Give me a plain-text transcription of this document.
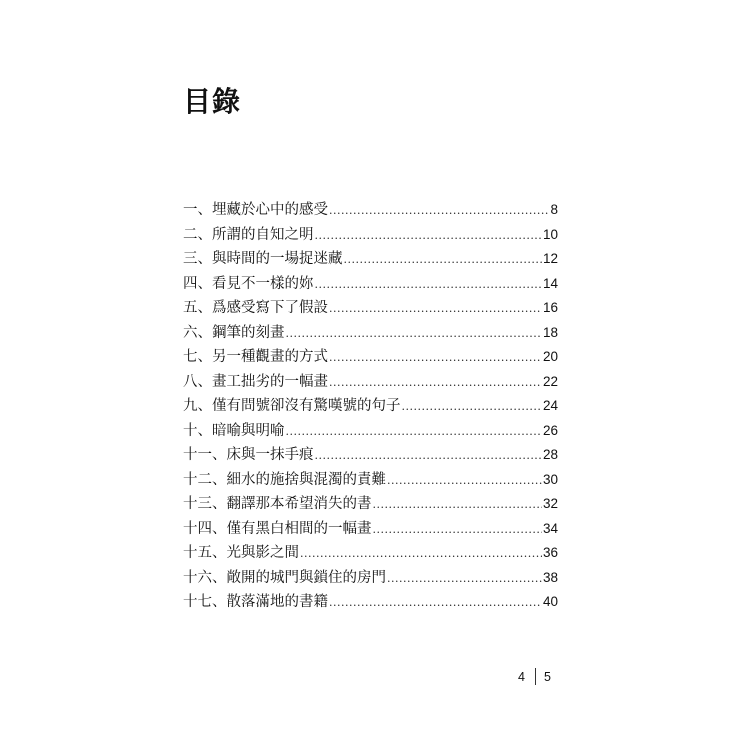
目錄
一、埋藏於心中的感受 .....	8
二、所謂的自知之明 .....	10
三、與時間的一場捉迷藏 .....	12
四、看見不一樣的妳 .....	14
五、爲感受寫下了假設 .....	16
六、鋼筆的刻畫 .....	18
七、另一種觀畫的方式 .....	20
八、畫工拙劣的一幅畫 .....	22
九、僅有問號卻沒有驚嘆號的句子 .....	24
十、暗喻與明喻 .....	26
十一、床與一抹手痕 .....	28
十二、細水的施捨與混濁的責難 .....	30
十三、翻譯那本希望消失的書 .....	32
十四、僅有黑白相間的一幅畫 .....	34
十五、光與影之間 .....	36
十六、敞開的城門與鎖住的房門 .....	38
十七、散落滿地的書籍 .....	40
4 5
